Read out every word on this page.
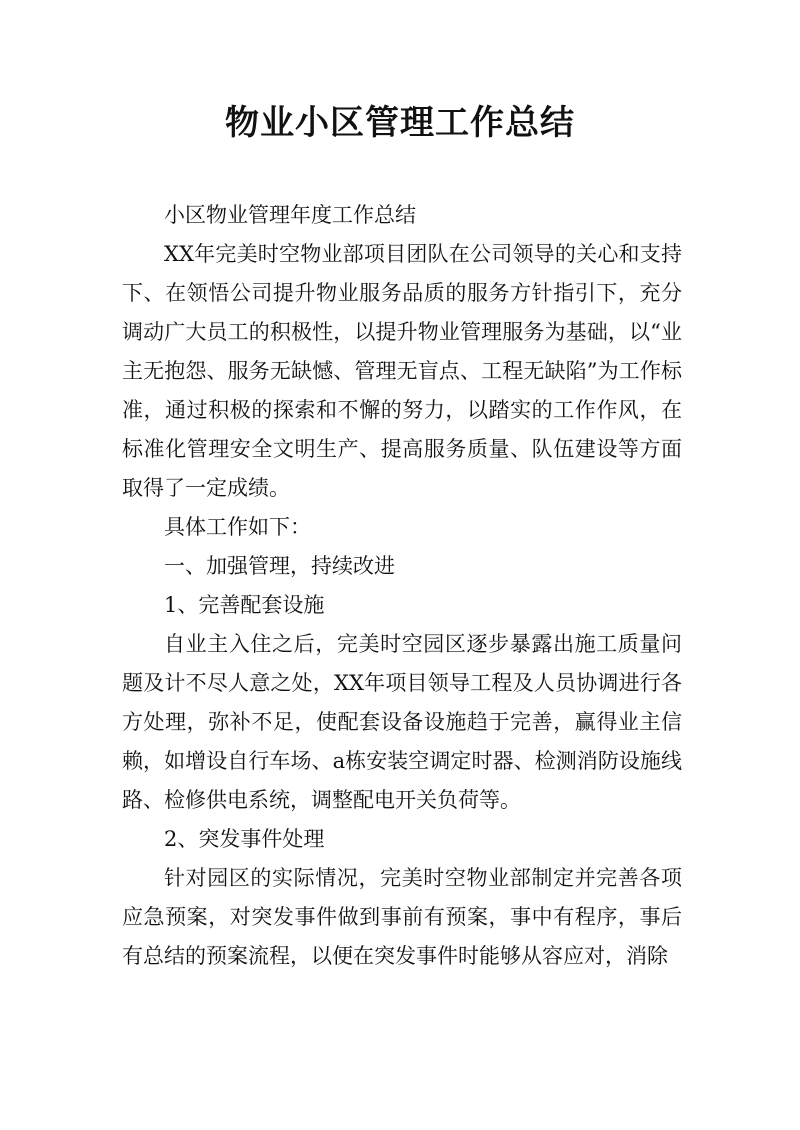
物业小区管理工作总结

小区物业管理年度工作总结

XX年完美时空物业部项目团队在公司领导的关心和支持下、在领悟公司提升物业服务品质的服务方针指引下，充分调动广大员工的积极性，以提升物业管理服务为基础，以“业主无抱怨、服务无缺憾、管理无盲点、工程无缺陷”为工作标准，通过积极的探索和不懈的努力，以踏实的工作作风，在标准化管理安全文明生产、提高服务质量、队伍建设等方面取得了一定成绩。

具体工作如下：

一、加强管理，持续改进

1、完善配套设施

自业主入住之后，完美时空园区逐步暴露出施工质量问题及计不尽人意之处，XX年项目领导工程及人员协调进行各方处理，弥补不足，使配套设备设施趋于完善，赢得业主信赖，如增设自行车场、a栋安装空调定时器、检测消防设施线路、检修供电系统，调整配电开关负荷等。

2、突发事件处理

针对园区的实际情况，完美时空物业部制定并完善各项应急预案，对突发事件做到事前有预案，事中有程序，事后有总结的预案流程，以便在突发事件时能够从容应对，消除
